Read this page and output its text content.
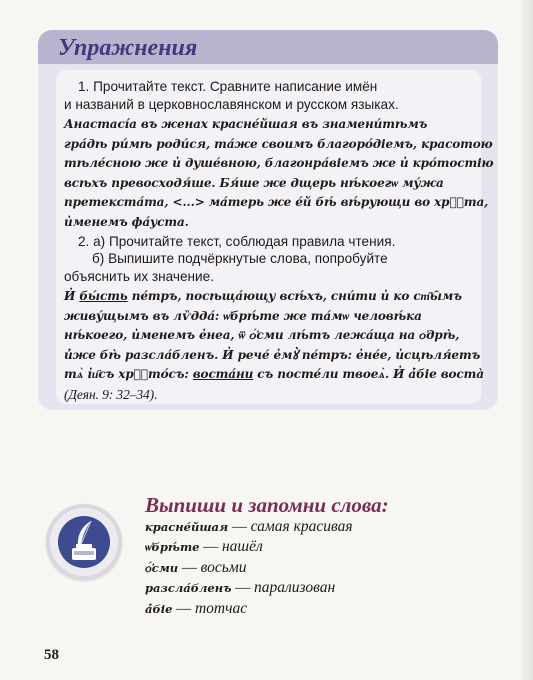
Упражнения
1. Прочитайте текст. Сравните написание имён
и названий в церковнославянском и русском языках.
Анастасі́а въ женах красне́йшая въ знамени́тѣмъ
гра́дѣ ри́мѣ роди́ся, та́же своимъ благоро́діемъ, красотою
тѣле́сною же и̓ душе́вною, благонра́віемъ же и̓ кро́тостію
всѣхъ превосходя́ше. Бя́ше же дщерь нѣ́коегѡ му́жа
претекста́та, <...> ма́терь же е́й бѣ́ вѣ́рующи во хрⷭ҇та,
и̓менемъ фа́уста.
2. а) Прочитайте текст, соблюдая правила чтения.
б) Выпишите подчёркнутые слова, попробуйте
объяснить их значение.
И̓ бы́сть пе́тръ, посѣща́ющу всѣ́хъ, сни́ти и̓ ко ст҃ы̑мъ
живу́щымъ въ лѷдда́: ѡ̓брѣ́те же та́мѡ человѣ́ка
нѣ́коего, и̓менемъ е̓неа, ѿ ѻ̓́сми лѣ́тъ лежа́ща на ѻ̓дрѣ̀,
и̓́же бѣ̀ разсла́бленъ. И̓ рече́ е̓мꙋ̀ пе́тръ: е̓не́е, и̓сцѣля́етъ
тѧ̀ і̓и҃съ хрⷭ҇то́съ: воста́ни съ посте́ли твоеѧ̀. И̓ а̓́біе воста̀
(Деян. 9: 32–34).
Выпиши и запомни слова:
красне́йшая — самая красивая
ѡ̓брѣ́те — нашёл
ѻ̓́сми — восьми
разсла́бленъ — парализован
а̓́біе — тотчас
58
